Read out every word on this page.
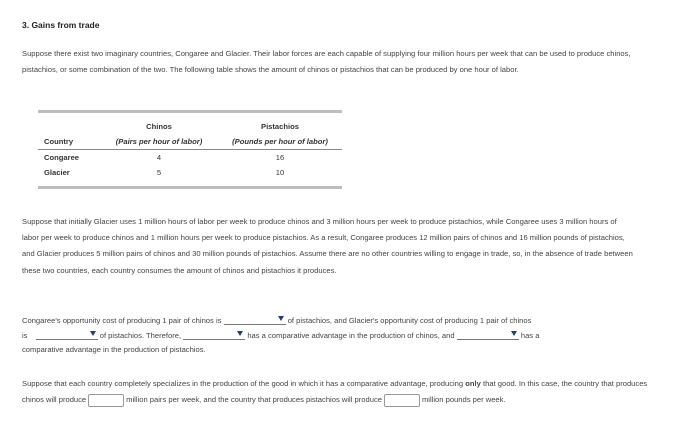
3. Gains from trade
Suppose there exist two imaginary countries, Congaree and Glacier. Their labor forces are each capable of supplying four million hours per week that can be used to produce chinos, pistachios, or some combination of the two. The following table shows the amount of chinos or pistachios that can be produced by one hour of labor.
	Chinos	Pistachios
Country	(Pairs per hour of labor)	(Pounds per hour of labor)
Congaree	4	16
Glacier	5	10
Suppose that initially Glacier uses 1 million hours of labor per week to produce chinos and 3 million hours per week to produce pistachios, while Congaree uses 3 million hours of labor per week to produce chinos and 1 million hours per week to produce pistachios. As a result, Congaree produces 12 million pairs of chinos and 16 million pounds of pistachios, and Glacier produces 5 million pairs of chinos and 30 million pounds of pistachios. Assume there are no other countries willing to engage in trade, so, in the absence of trade between these two countries, each country consumes the amount of chinos and pistachios it produces.
Congaree's opportunity cost of producing 1 pair of chinos is	of pistachios, and Glacier's opportunity cost of producing 1 pair of chinos
is	of pistachios. Therefore,	has a comparative advantage in the production of chinos, and	has a
comparative advantage in the production of pistachios.
Suppose that each country completely specializes in the production of the good in which it has a comparative advantage, producing only that good. In this case, the country that produces chinos will produce	million pairs per week, and the country that produces pistachios will produce	million pounds per week.
